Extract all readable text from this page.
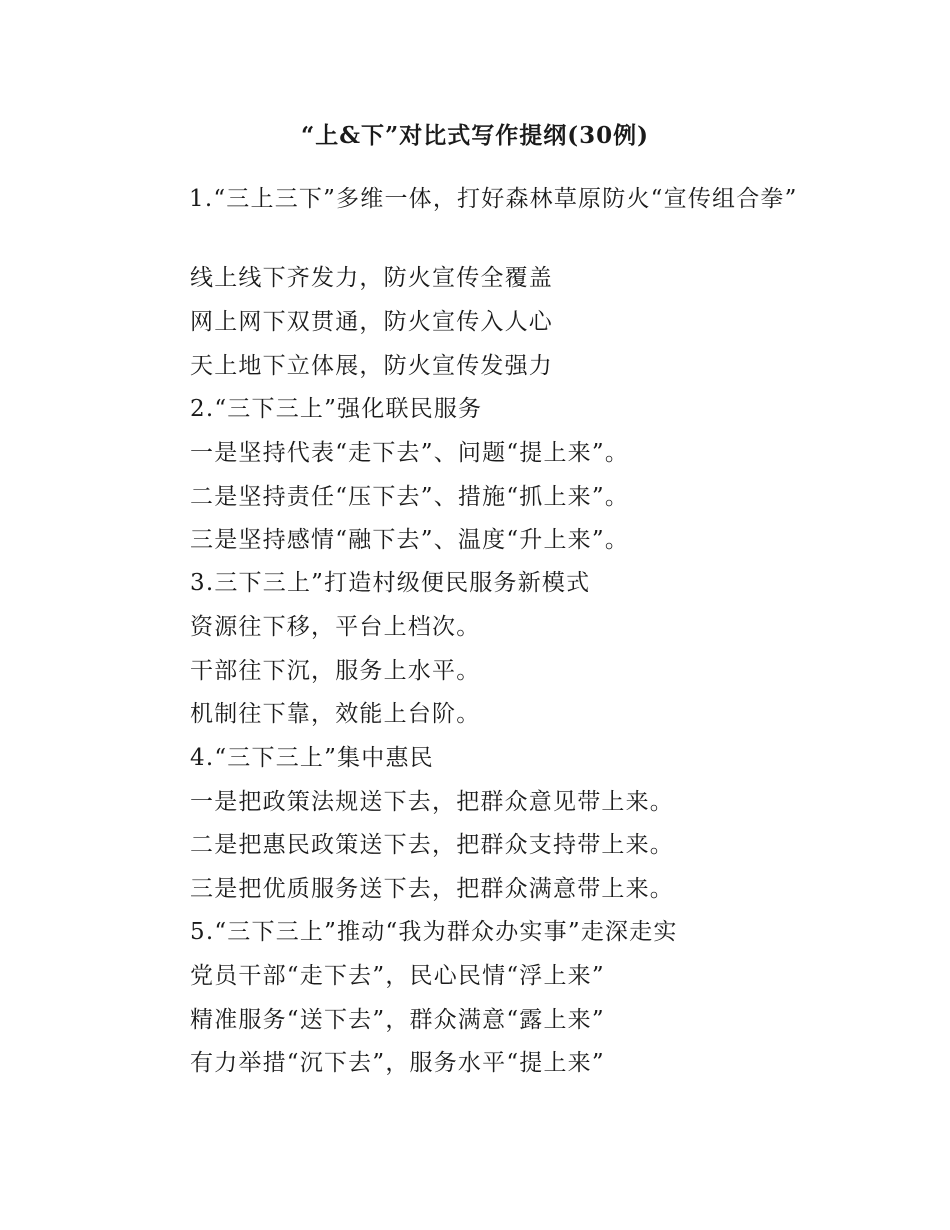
“上&下”对比式写作提纲(30例)
1.“三上三下”多维一体，打好森林草原防火“宣传组合拳”
线上线下齐发力，防火宣传全覆盖
网上网下双贯通，防火宣传入人心
天上地下立体展，防火宣传发强力
2.“三下三上”强化联民服务
一是坚持代表“走下去”、问题“提上来”。
二是坚持责任“压下去”、措施“抓上来”。
三是坚持感情“融下去”、温度“升上来”。
3.三下三上”打造村级便民服务新模式
资源往下移，平台上档次。
干部往下沉，服务上水平。
机制往下靠，效能上台阶。
4.“三下三上”集中惠民
一是把政策法规送下去，把群众意见带上来。
二是把惠民政策送下去，把群众支持带上来。
三是把优质服务送下去，把群众满意带上来。
5.“三下三上”推动“我为群众办实事”走深走实
党员干部“走下去”，民心民情“浮上来”
精准服务“送下去”，群众满意“露上来”
有力举措“沉下去”，服务水平“提上来”
